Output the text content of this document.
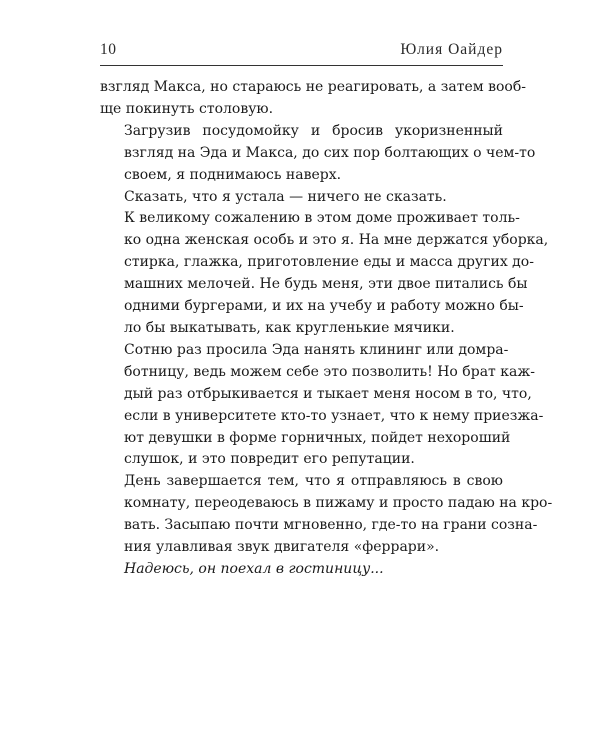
10	Юлия Оайдер

взгляд Макса, но стараюсь не реагировать, а затем вооб-
ще покинуть столовую.

Загрузив посудомойку и бросив укоризненный
взгляд на Эда и Макса, до сих пор болтающих о чем-то
своем, я поднимаюсь наверх.

Сказать, что я устала — ничего не сказать.

К великому сожалению в этом доме проживает толь-
ко одна женская особь и это я. На мне держатся уборка,
стирка, глажка, приготовление еды и масса других до-
машних мелочей. Не будь меня, эти двое питались бы
одними бургерами, и их на учебу и работу можно бы-
ло бы выкатывать, как кругленькие мячики.

Сотню раз просила Эда нанять клининг или домра-
ботницу, ведь можем себе это позволить! Но брат каж-
дый раз отбрыкивается и тыкает меня носом в то, что,
если в университете кто-то узнает, что к нему приезжа-
ют девушки в форме горничных, пойдет нехороший
слушок, и это повредит его репутации.

День завершается тем, что я отправляюсь в свою
комнату, переодеваюсь в пижаму и просто падаю на кро-
вать. Засыпаю почти мгновенно, где-то на грани созна-
ния улавливая звук двигателя «феррари».

Надеюсь, он поехал в гостиницу...
